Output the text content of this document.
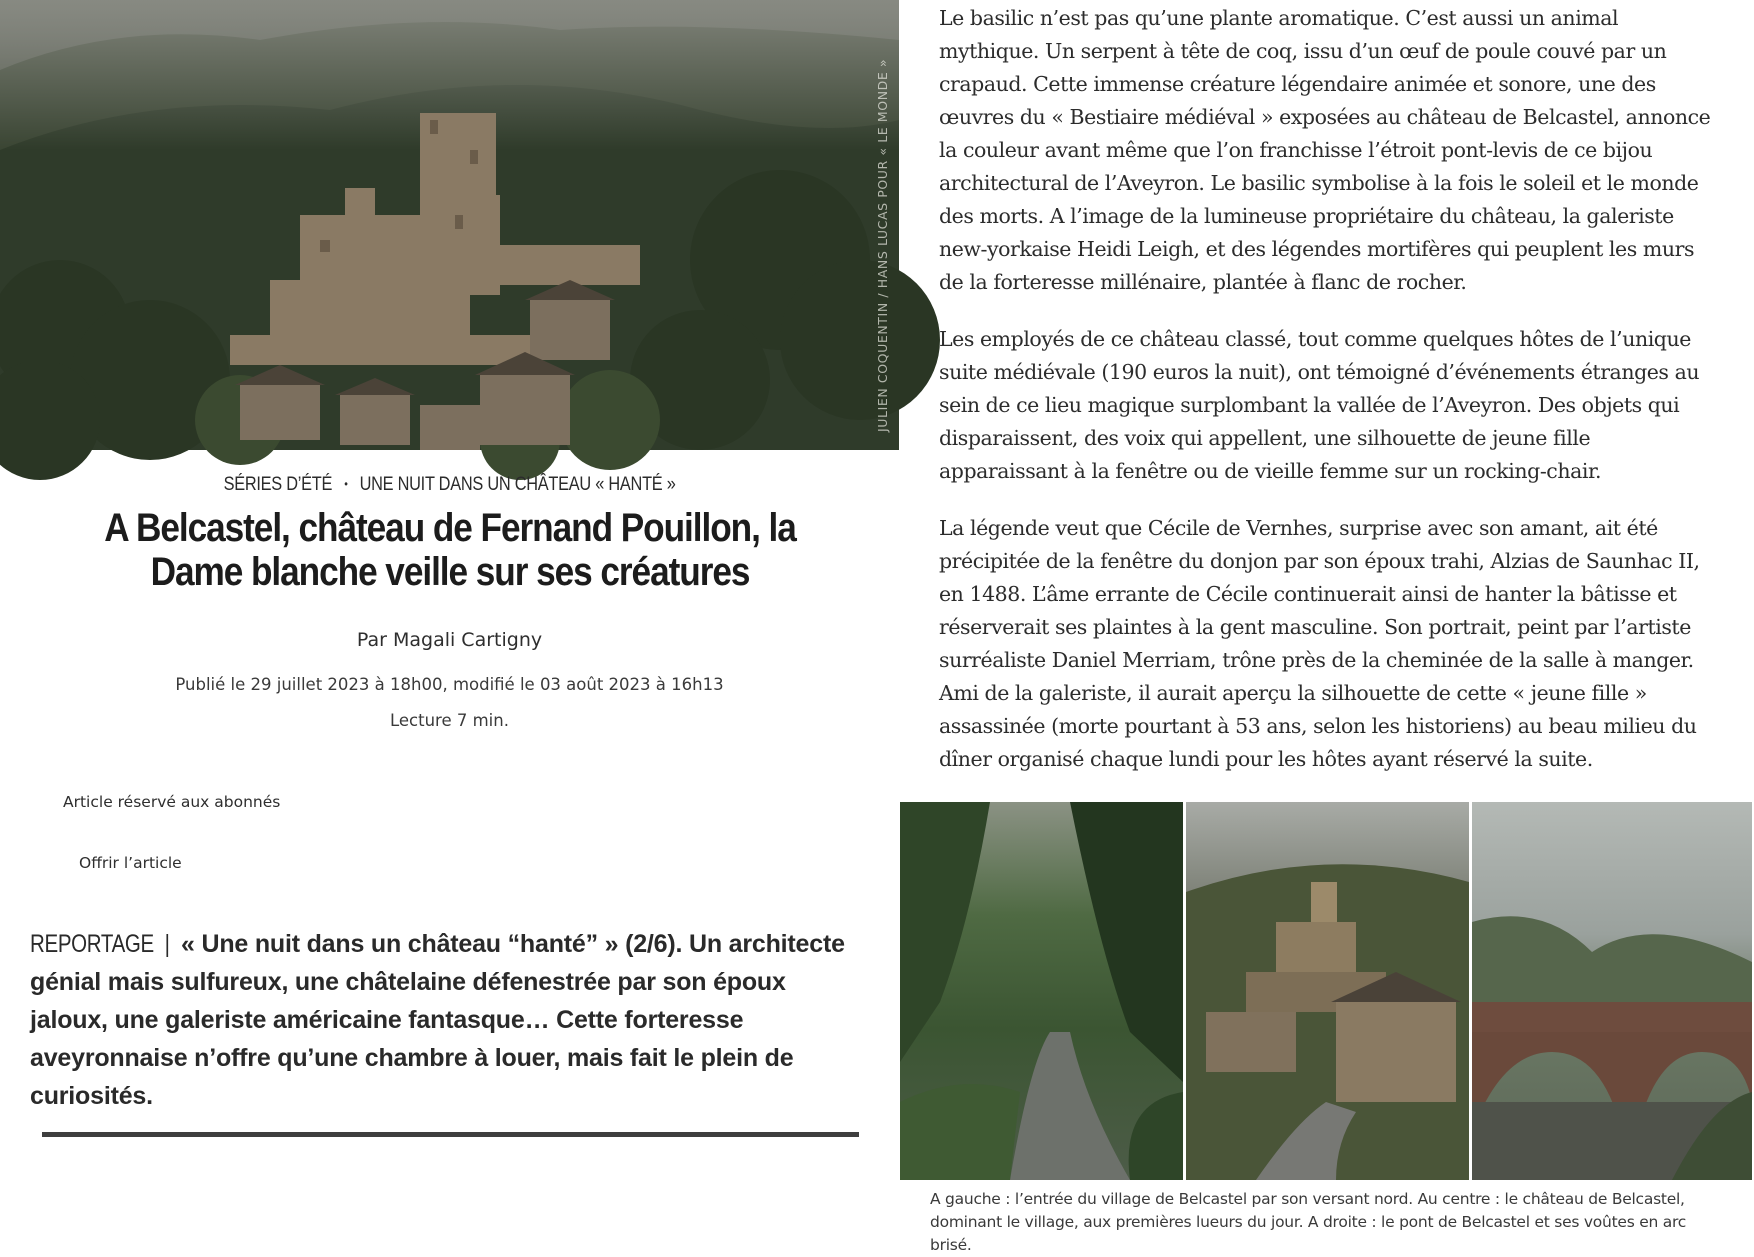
JULIEN COQUENTIN / HANS LUCAS POUR « LE MONDE »
SÉRIES D’ÉTÉ • UNE NUIT DANS UN CHÂTEAU « HANTÉ »
A Belcastel, château de Fernand Pouillon, la Dame blanche veille sur ses créatures
Par Magali Cartigny
Publié le 29 juillet 2023 à 18h00, modifié le 03 août 2023 à 16h13
Lecture 7 min.
Article réservé aux abonnés
Offrir l’article
REPORTAGE | « Une nuit dans un château “hanté” » (2/6). Un architecte génial mais sulfureux, une châtelaine défenestrée par son époux jaloux, une galeriste américaine fantasque… Cette forteresse aveyronnaise n’offre qu’une chambre à louer, mais fait le plein de curiosités.

Le basilic n’est pas qu’une plante aromatique. C’est aussi un animal mythique. Un serpent à tête de coq, issu d’un œuf de poule couvé par un crapaud. Cette immense créature légendaire animée et sonore, une des œuvres du « Bestiaire médiéval » exposées au château de Belcastel, annonce la couleur avant même que l’on franchisse l’étroit pont-levis de ce bijou architectural de l’Aveyron. Le basilic symbolise à la fois le soleil et le monde des morts. A l’image de la lumineuse propriétaire du château, la galeriste new-yorkaise Heidi Leigh, et des légendes mortifères qui peuplent les murs de la forteresse millénaire, plantée à flanc de rocher.

Les employés de ce château classé, tout comme quelques hôtes de l’unique suite médiévale (190 euros la nuit), ont témoigné d’événements étranges au sein de ce lieu magique surplombant la vallée de l’Aveyron. Des objets qui disparaissent, des voix qui appellent, une silhouette de jeune fille apparaissant à la fenêtre ou de vieille femme sur un rocking-chair.

La légende veut que Cécile de Vernhes, surprise avec son amant, ait été précipitée de la fenêtre du donjon par son époux trahi, Alzias de Saunhac II, en 1488. L’âme errante de Cécile continuerait ainsi de hanter la bâtisse et réserverait ses plaintes à la gent masculine. Son portrait, peint par l’artiste surréaliste Daniel Merriam, trône près de la cheminée de la salle à manger. Ami de la galeriste, il aurait aperçu la silhouette de cette « jeune fille » assassinée (morte pourtant à 53 ans, selon les historiens) au beau milieu du dîner organisé chaque lundi pour les hôtes ayant réservé la suite.

A gauche : l’entrée du village de Belcastel par son versant nord. Au centre : le château de Belcastel, dominant le village, aux premières lueurs du jour. A droite : le pont de Belcastel et ses voûtes en arc brisé.
